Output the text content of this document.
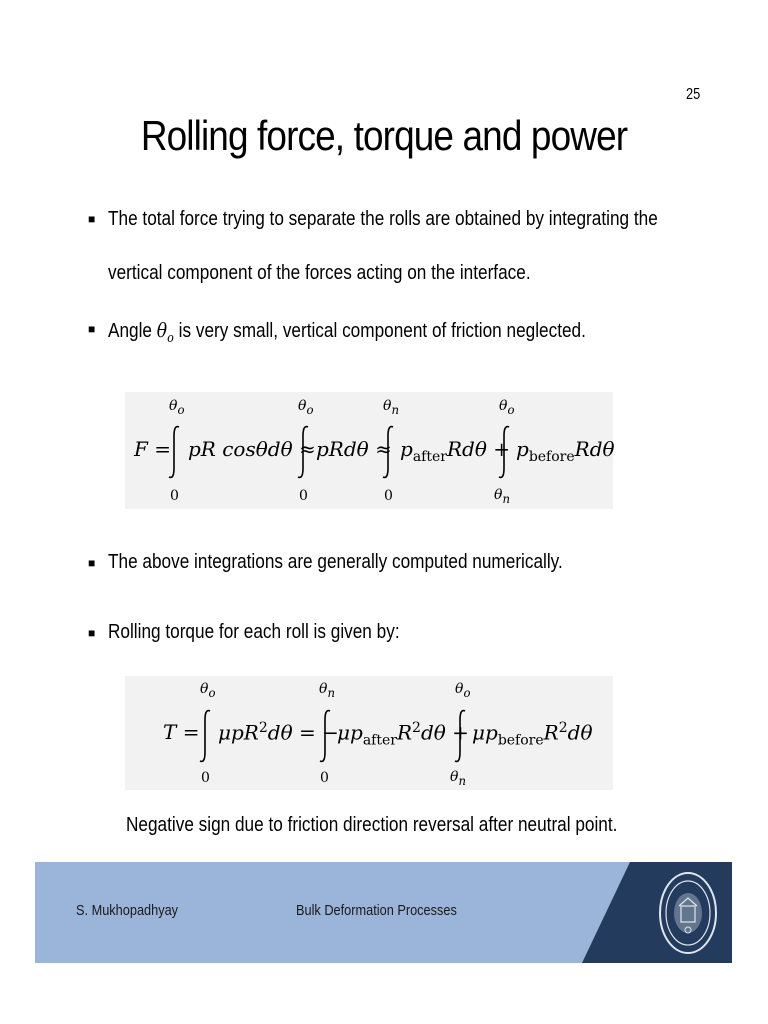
25
Rolling force, torque and power
■ The total force trying to separate the rolls are obtained by integrating the
vertical component of the forces acting on the interface.
■ Angle $\theta_o$ is very small, vertical component of friction neglected.
F =
$\theta_o$
0
pR cosθdθ ≈
$\theta_o$
0
pRdθ ≈
$\theta_n$
0
$p_{after}Rd\theta$ +
$\theta_o$
$\theta_n$
$p_{before}Rd\theta$
■ The above integrations are generally computed numerically.
■ Rolling torque for each roll is given by:
T =
$\theta_o$
0
μpR$^2$dθ = −
$\theta_n$
0
$\mu p_{after}R^2d\theta$ +
$\theta_o$
$\theta_n$
$\mu p_{before}R^2d\theta$
Negative sign due to friction direction reversal after neutral point.
S. Mukhopadhyay	Bulk Deformation Processes
